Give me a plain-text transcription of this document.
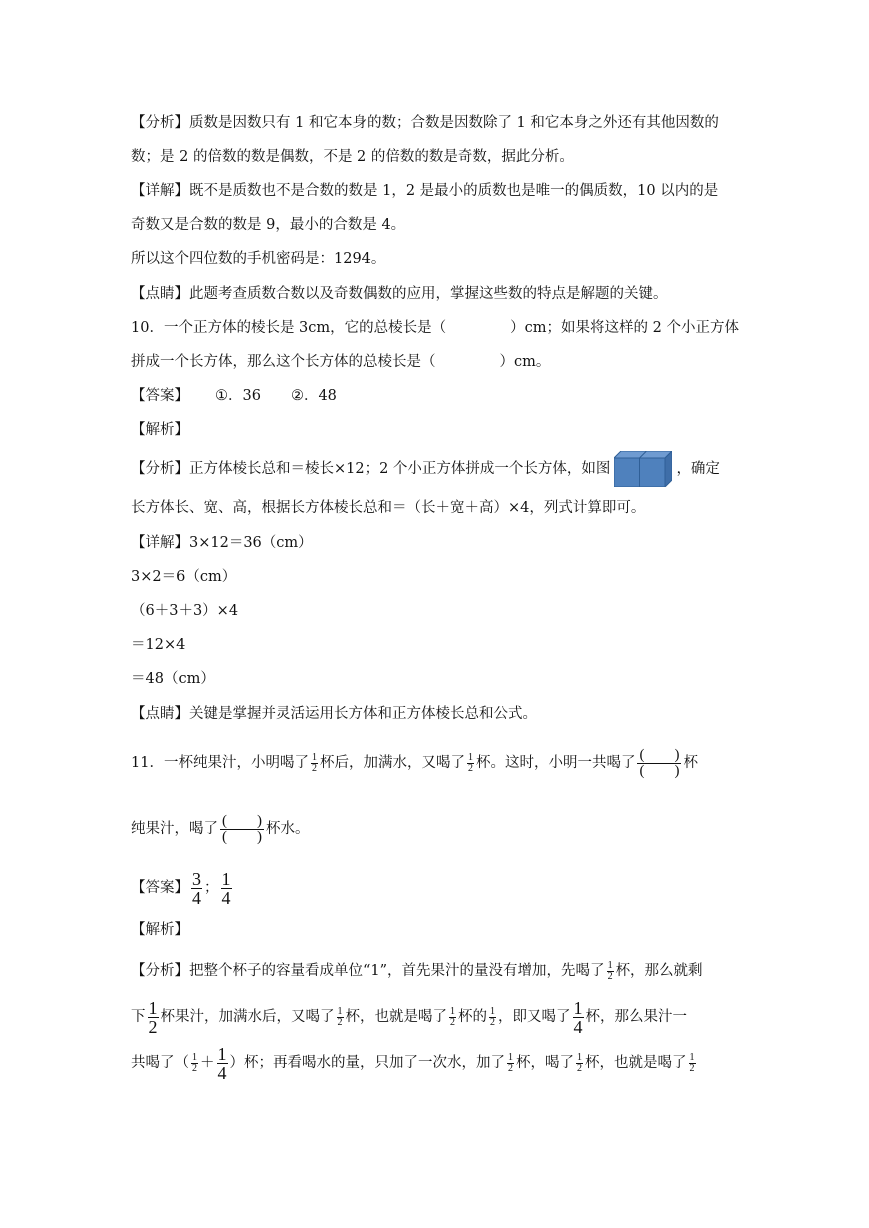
【分析】质数是因数只有 1 和它本身的数；合数是因数除了 1 和它本身之外还有其他因数的
数；是 2 的倍数的数是偶数，不是 2 的倍数的数是奇数，据此分析。
【详解】既不是质数也不是合数的数是 1，2 是最小的质数也是唯一的偶质数，10 以内的是
奇数又是合数的数是 9，最小的合数是 4。
所以这个四位数的手机密码是：1294。
【点睛】此题考查质数合数以及奇数偶数的应用，掌握这些数的特点是解题的关键。
10．一个正方体的棱长是 3cm，它的总棱长是（	）cm；如果将这样的 2 个小正方体
拼成一个长方体，那么这个长方体的总棱长是（	）cm。
【答案】 ①．36 ②．48
【解析】
【分析】正方体棱长总和＝棱长×12；2 个小正方体拼成一个长方体，如图	，确定
长方体长、宽、高，根据长方体棱长总和＝（长＋宽＋高）×4，列式计算即可。
【详解】3×12＝36（cm）
3×2＝6（cm）
（6＋3＋3）×4
＝12×4
＝48（cm）
【点睛】关键是掌握并灵活运用长方体和正方体棱长总和公式。
11．一杯纯果汁，小明喝了 $\frac{1}{2}$ 杯后，加满水，又喝了 $\frac{1}{2}$ 杯。这时，小明一共喝了 $\frac{( )}{( )}$ 杯
纯果汁，喝了 $\frac{( )}{( )}$ 杯水。
【答案】 $\frac{3}{4}$ ； $\frac{1}{4}$
【解析】
【分析】把整个杯子的容量看成单位“1”，首先果汁的量没有增加，先喝了 $\frac{1}{2}$ 杯，那么就剩
下 $\frac{1}{2}$ 杯果汁，加满水后，又喝了 $\frac{1}{2}$ 杯，也就是喝了 $\frac{1}{2}$ 杯的 $\frac{1}{2}$ ，即又喝了 $\frac{1}{4}$ 杯，那么果汁一
共喝了（ $\frac{1}{2} + \frac{1}{4}$ ）杯；再看喝水的量，只加了一次水，加了 $\frac{1}{2}$ 杯，喝了 $\frac{1}{2}$ 杯，也就是喝了 $\frac{1}{2}$
